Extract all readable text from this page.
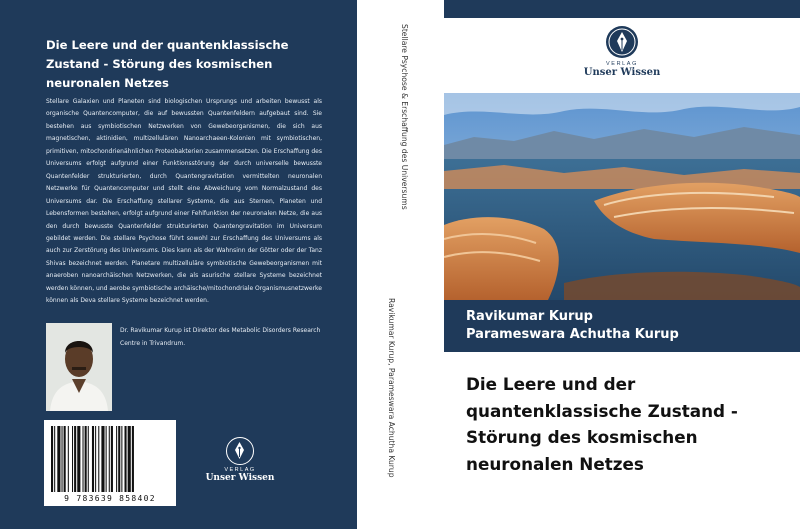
Die Leere und der quantenklassische Zustand - Störung des kosmischen neuronalen Netzes
Stellare Galaxien und Planeten sind biologischen Ursprungs und arbeiten bewusst als organische Quantencomputer, die auf bewussten Quantenfeldern aufgebaut sind. Sie bestehen aus symbiotischen Netzwerken von Gewebeorganismen, die sich aus magnetischen, aktinidien, multizellulären Nanoarchaeen-Kolonien mit symbiotischen, primitiven, mitochondrienähnlichen Proteobakterien zusammensetzen. Die Erschaffung des Universums erfolgt aufgrund einer Funktionsstörung der durch universelle bewusste Quantenfelder strukturierten, durch Quantengravitation vermittelten neuronalen Netzwerke für Quantencomputer und stellt eine Abweichung vom Normalzustand des Universums dar. Die Erschaffung stellarer Systeme, die aus Sternen, Planeten und Lebensformen bestehen, erfolgt aufgrund einer Fehlfunktion der neuronalen Netze, die aus den durch bewusste Quantenfelder strukturierten Quantengravitation im Universum gebildet werden. Die stellare Psychose führt sowohl zur Erschaffung des Universums als auch zur Zerstörung des Universums. Dies kann als der Wahnsinn der Götter oder der Tanz Shivas bezeichnet werden. Planetare multizelluläre symbiotische Gewebeorganismen mit anaeroben nanoarchäischen Netzwerken, die als asurische stellare Systeme bezeichnet werden können, und aerobe symbiotische archäische/mitochondriale Organismusnetzwerke können als Deva stellare Systeme bezeichnet werden.
Dr. Ravikumar Kurup ist Direktor des Metabolic Disorders Research Centre in Trivandrum.
9 783639 858402
VERLAG
Unser Wissen
Stellare Psychose & Erschaffung des Universums
Ravikumar Kurup, Parameswara Achutha Kurup
VERLAG
Unser Wissen
Ravikumar Kurup
Parameswara Achutha Kurup
Die Leere und der quantenklassische Zustand - Störung des kosmischen neuronalen Netzes
